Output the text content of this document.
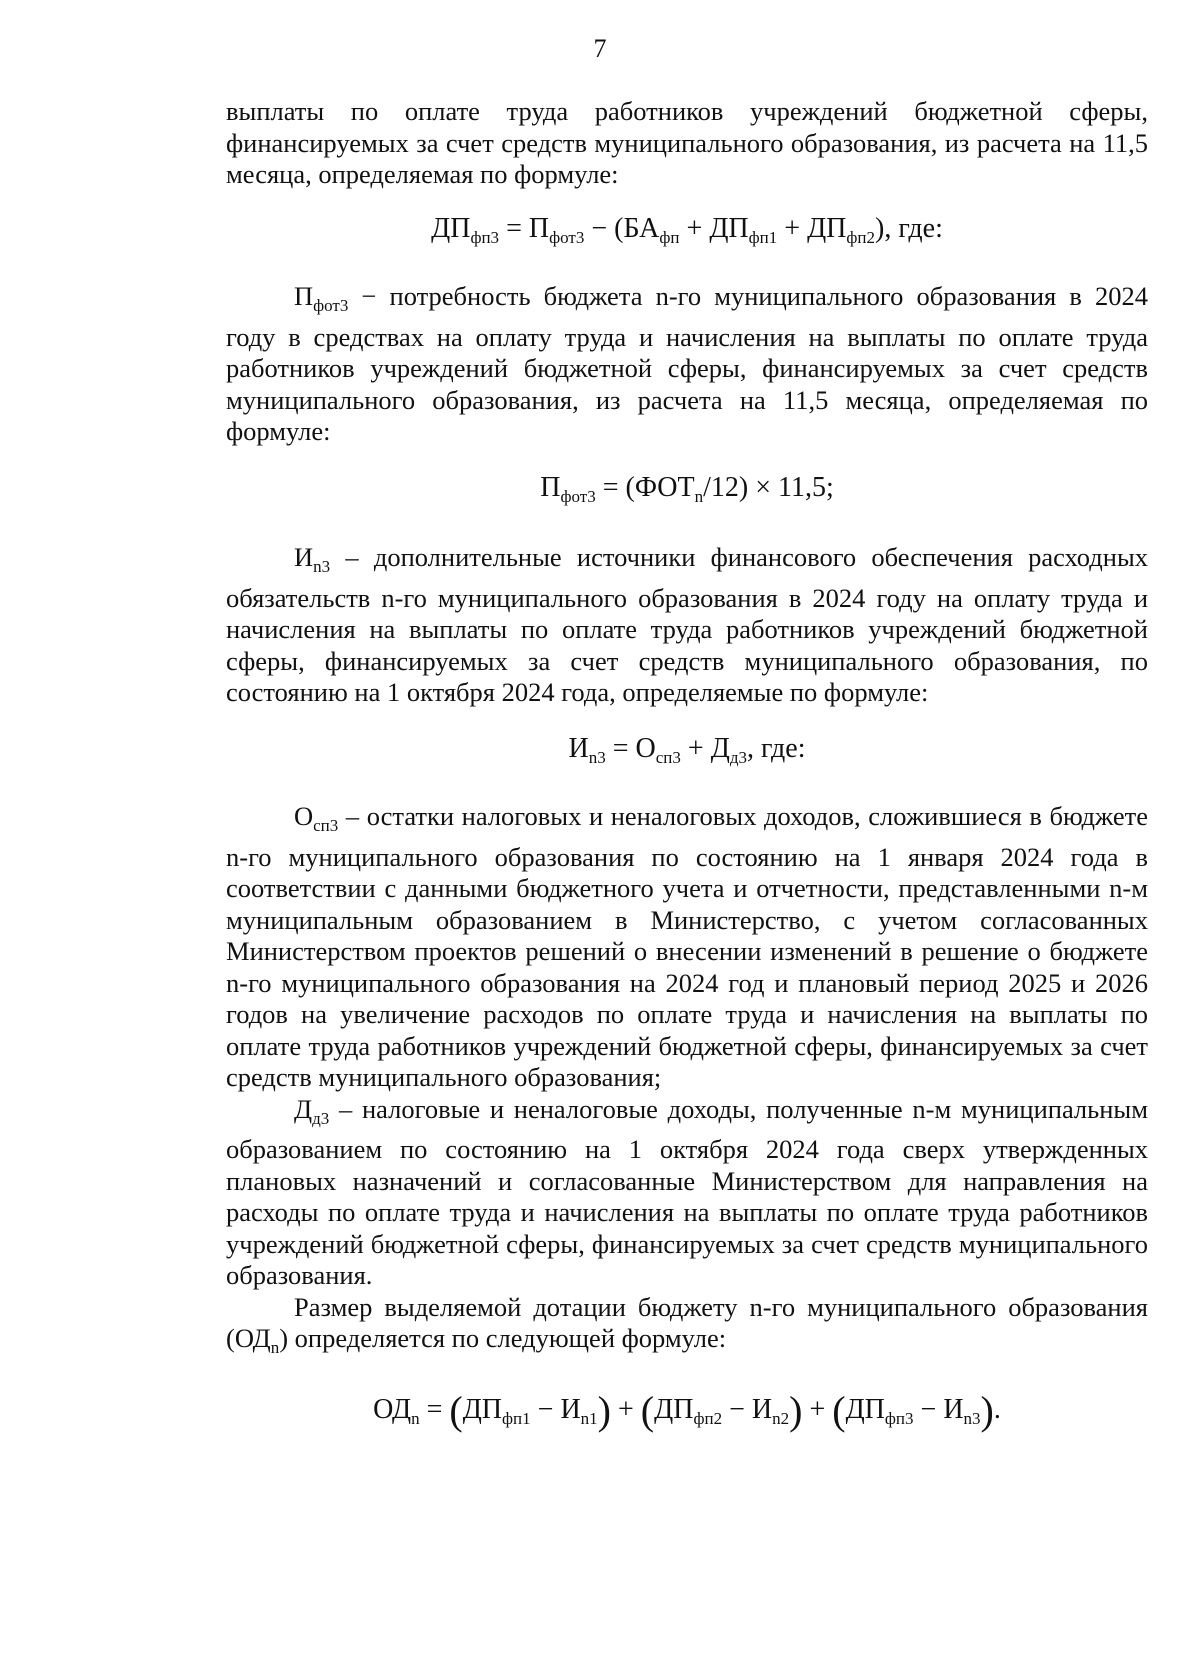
7

выплаты по оплате труда работников учреждений бюджетной сферы, финансируемых за счет средств муниципального образования, из расчета на 11,5 месяца, определяемая по формуле:

$ДП_{фп3} = П_{фот3} - (БА_{фп} + ДП_{фп1} + ДП_{фп2})$, где:

$П_{фот3}$ − потребность бюджета n-го муниципального образования в 2024 году в средствах на оплату труда и начисления на выплаты по оплате труда работников учреждений бюджетной сферы, финансируемых за счет средств муниципального образования, из расчета на 11,5 месяца, определяемая по формуле:

$П_{фот3} = (ФОТ_n/12) \times 11,5$;

$И_{n3}$ – дополнительные источники финансового обеспечения расходных обязательств n-го муниципального образования в 2024 году на оплату труда и начисления на выплаты по оплате труда работников учреждений бюджетной сферы, финансируемых за счет средств муниципального образования, по состоянию на 1 октября 2024 года, определяемые по формуле:

$И_{n3} = О_{сп3} + Д_{д3}$, где:

$О_{сп3}$ – остатки налоговых и неналоговых доходов, сложившиеся в бюджете n-го муниципального образования по состоянию на 1 января 2024 года в соответствии с данными бюджетного учета и отчетности, представленными n-м муниципальным образованием в Министерство, с учетом согласованных Министерством проектов решений о внесении изменений в решение о бюджете n-го муниципального образования на 2024 год и плановый период 2025 и 2026 годов на увеличение расходов по оплате труда и начисления на выплаты по оплате труда работников учреждений бюджетной сферы, финансируемых за счет средств муниципального образования;

$Д_{д3}$ – налоговые и неналоговые доходы, полученные n-м муниципальным образованием по состоянию на 1 октября 2024 года сверх утвержденных плановых назначений и согласованные Министерством для направления на расходы по оплате труда и начисления на выплаты по оплате труда работников учреждений бюджетной сферы, финансируемых за счет средств муниципального образования.

Размер выделяемой дотации бюджету n-го муниципального образования $(ОД_n)$ определяется по следующей формуле:

$ОД_n = (ДП_{фп1} - И_{n1}) + (ДП_{фп2} - И_{n2}) + (ДП_{фп3} - И_{n3})$.
